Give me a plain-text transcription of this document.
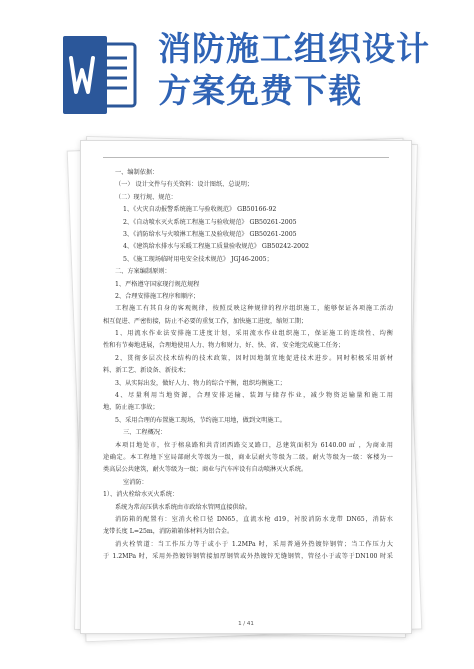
消防施工组织设计
方案免费下载
一、编制依据：
（一） 设计文件与有关资料：设计图纸、总说明；
（二）现行规、规范：
1、《火灾自动报警系统施工与验收规范》 GB50166-92
2、《自动喷水灭火系统工程施工与验收规范》 GB50261-2005
3、《消防给水与火喷淋工程施工及验收规范》 GB50261-2005
4、《建筑给水排水与采暖工程施工质量验收规范》 GB50242-2002
5、《施工现场临时用电安全技术规范》 JGJ46-2005；
二、方案编制原则：
1、严格遵守国家现行规范规程
2、合理安排施工程序和顺序；
工程施工有其自身的客观规律，按照反映这种规律的程序组织施工，能够保证各项施工活动
相互促进、严密衔接，防止不必要的重复工作，加快施工进度，缩短工期；
1、用流水作业法安排施工进度计划，采用流水作业组织施工，保证施工的连续性、均衡
性和有节奏地进展，合理地使用人力、物力和财力，好、快、省、安全地完成施工任务；
2、贯彻多层次技术结构的技术政策，因时因地制宜地促进技术进步。同时积极采用新材
料、新工艺、新设备、新技术；
3、从实际出发，做好人力、物力的综合平衡，组织均衡施工；
4、尽量利用当地资源，合理安排运输、装卸与储存作业，减少物资运输量和施工用
地，防止施工事故；
5、采用合理的布置施工现场，节约施工用地，做到文明施工。
三、工程概况：
本项目地处市，位于榕泉路和共青团西路交叉路口，总建筑面积为 6140.00 ㎡ ，为商业用
途确定。本工程地下室局部耐火等级为一级，商业层耐火等级为二级。耐火等级为一级：客楼为一
类高层公共建筑，耐火等级为一级；商业与汽车库设有自动喷淋灭火系统。
室消防：
1）、消火栓给水灭火系统：
系统为常高压供水系统由市政给水管网直接供给。
消防箱的配置有：室消火栓口径 DN65，直流水枪 d19，衬胶消防水龙带 DN65，消防水
龙带长度 L=25m，消防箱箱体材料为铝合金。
消火栓管道：当工作压力等于或小于 1.2MPa 时，采用普通外热镀锌钢管；当工作压力大
于 1.2MPa 时，采用外热镀锌钢管接加厚钢管或外热镀锌无缝钢管，管径小于或等于DN100 时采
1 / 41
